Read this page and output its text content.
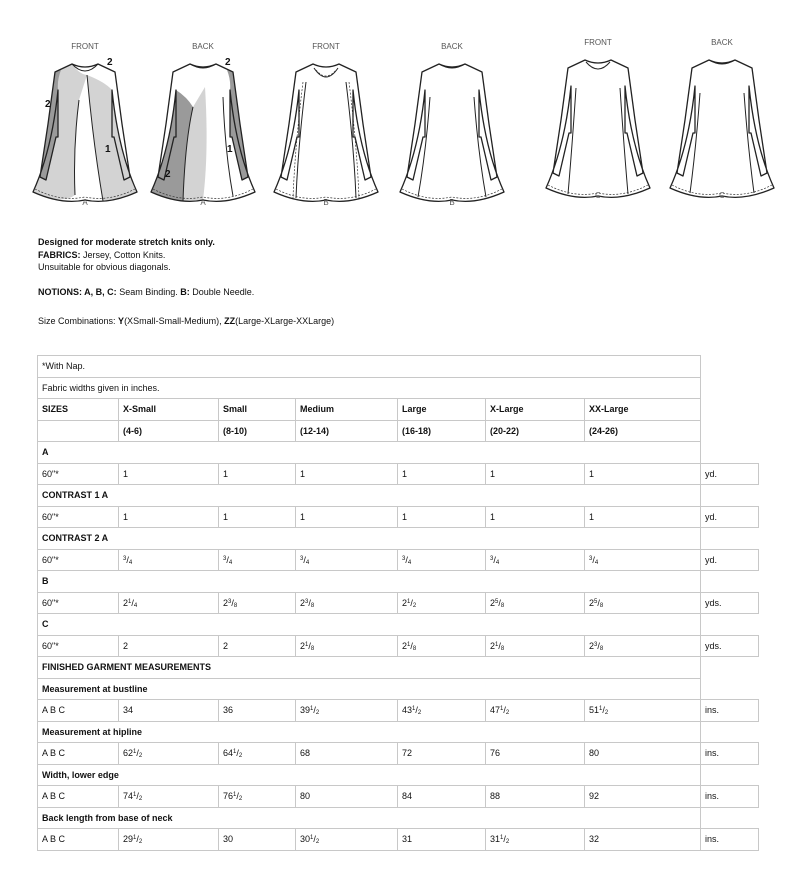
2
2
1
2
2
1
FRONT	BACK	FRONT	BACK	FRONT	BACK
A	A	B	B
C	C

Designed for moderate stretch knits only.

FABRICS: Jersey, Cotton Knits.

Unsuitable for obvious diagonals.

NOTIONS: A, B, C: Seam Binding. B: Double Needle.

Size Combinations: Y(XSmall-Small-Medium), ZZ(Large-XLarge-XXLarge)

*With Nap.							
Fabric widths given in inches.							
SIZES	X-Small	Small	Medium	Large	X-Large	XX-Large	
	(4-6)	(8-10)	(12-14)	(16-18)	(20-22)	(24-26)	
A							
60"*	1	1	1	1	1	1	yd.
CONTRAST 1 A							
60"*	1	1	1	1	1	1	yd.
CONTRAST 2 A							
60"*	$^3/_4$	$^3/_4$	$^3/_4$	$^3/_4$	$^3/_4$	$^3/_4$	yd.
B							
60"*	$2^1/_4$	$2^3/_8$	$2^3/_8$	$2^1/_2$	$2^5/_8$	$2^5/_8$	yds.
C							
60"*	2	2	$2^1/_8$	$2^1/_8$	$2^1/_8$	$2^3/_8$	yds.
FINISHED GARMENT MEASUREMENTS							
Measurement at bustline							
A B C	34	36	$39^1/_2$	$43^1/_2$	$47^1/_2$	$51^1/_2$	ins.
Measurement at hipline							
A B C	$62^1/_2$	$64^1/_2$	68	72	76	80	ins.
Width, lower edge							
A B C	$74^1/_2$	$76^1/_2$	80	84	88	92	ins.
Back length from base of neck							
A B C	$29^1/_2$	30	$30^1/_2$	31	$31^1/_2$	32	ins.
